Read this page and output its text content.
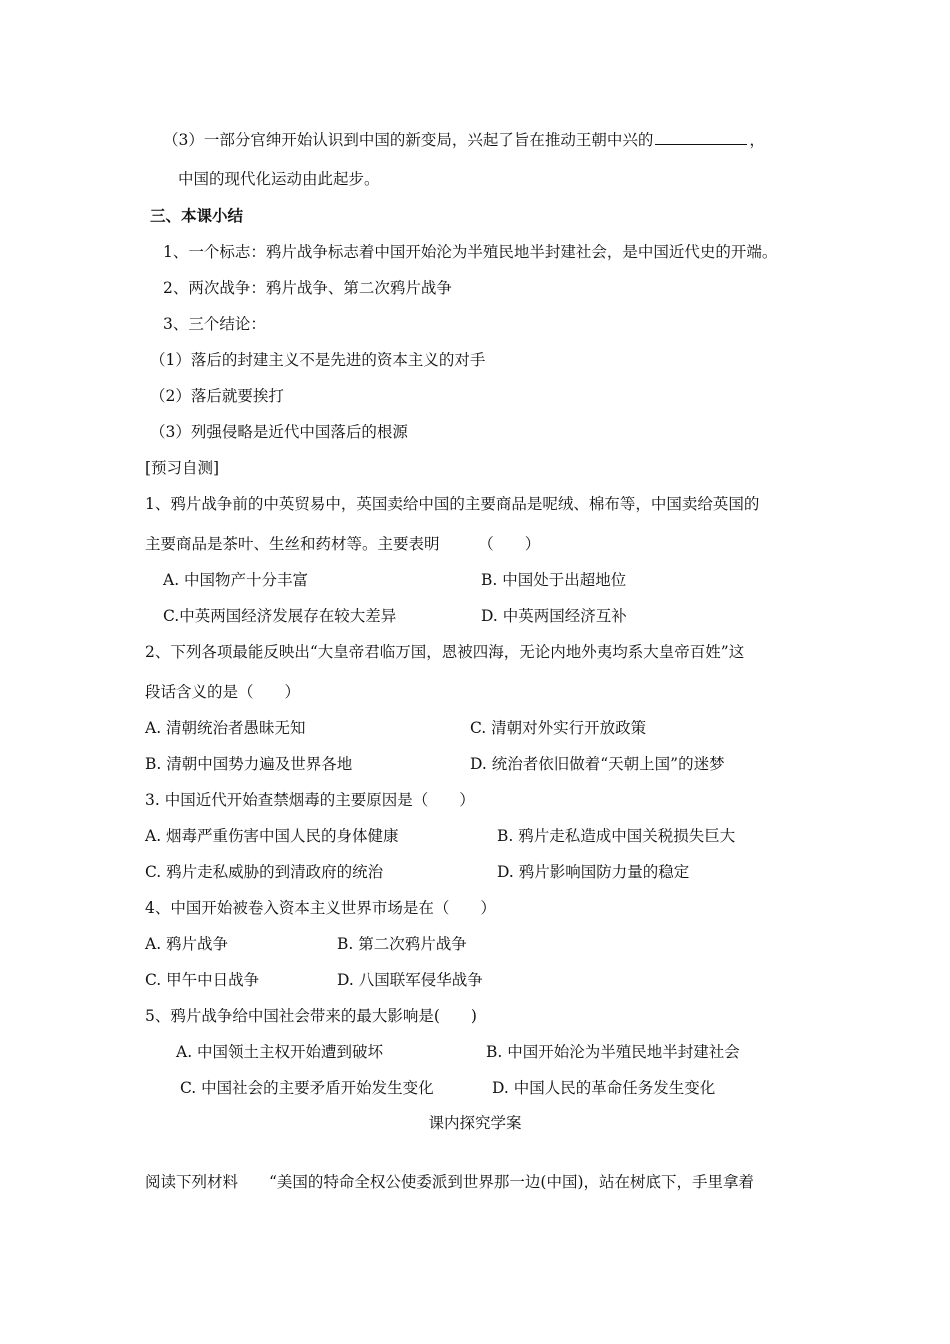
（3）一部分官绅开始认识到中国的新变局，兴起了旨在推动王朝中兴的	，
中国的现代化运动由此起步。
三、本课小结
1、一个标志：鸦片战争标志着中国开始沦为半殖民地半封建社会，是中国近代史的开端。
2、两次战争：鸦片战争、第二次鸦片战争
3、三个结论：
（1）落后的封建主义不是先进的资本主义的对手
（2）落后就要挨打
（3）列强侵略是近代中国落后的根源
[预习自测]
1、鸦片战争前的中英贸易中，英国卖给中国的主要商品是呢绒、棉布等，中国卖给英国的
主要商品是茶叶、生丝和药材等。主要表明　　　（　　）
A. 中国物产十分丰富	B. 中国处于出超地位
C.中英两国经济发展存在较大差异	D. 中英两国经济互补
2、下列各项最能反映出“大皇帝君临万国，恩被四海，无论内地外夷均系大皇帝百姓”这
段话含义的是（　　）
A. 清朝统治者愚昧无知	C. 清朝对外实行开放政策
B. 清朝中国势力遍及世界各地	D. 统治者依旧做着“天朝上国”的迷梦
3. 中国近代开始查禁烟毒的主要原因是（　　）
A. 烟毒严重伤害中国人民的身体健康	B. 鸦片走私造成中国关税损失巨大
C. 鸦片走私威胁的到清政府的统治	D. 鸦片影响国防力量的稳定
4、中国开始被卷入资本主义世界市场是在（　　）
A. 鸦片战争	B. 第二次鸦片战争
C. 甲午中日战争	D. 八国联军侵华战争
5、鸦片战争给中国社会带来的最大影响是(　　)
A. 中国领土主权开始遭到破坏	B. 中国开始沦为半殖民地半封建社会
C. 中国社会的主要矛盾开始发生变化	D. 中国人民的革命任务发生变化
课内探究学案
阅读下列材料　　“美国的特命全权公使委派到世界那一边(中国)，站在树底下，手里拿着
